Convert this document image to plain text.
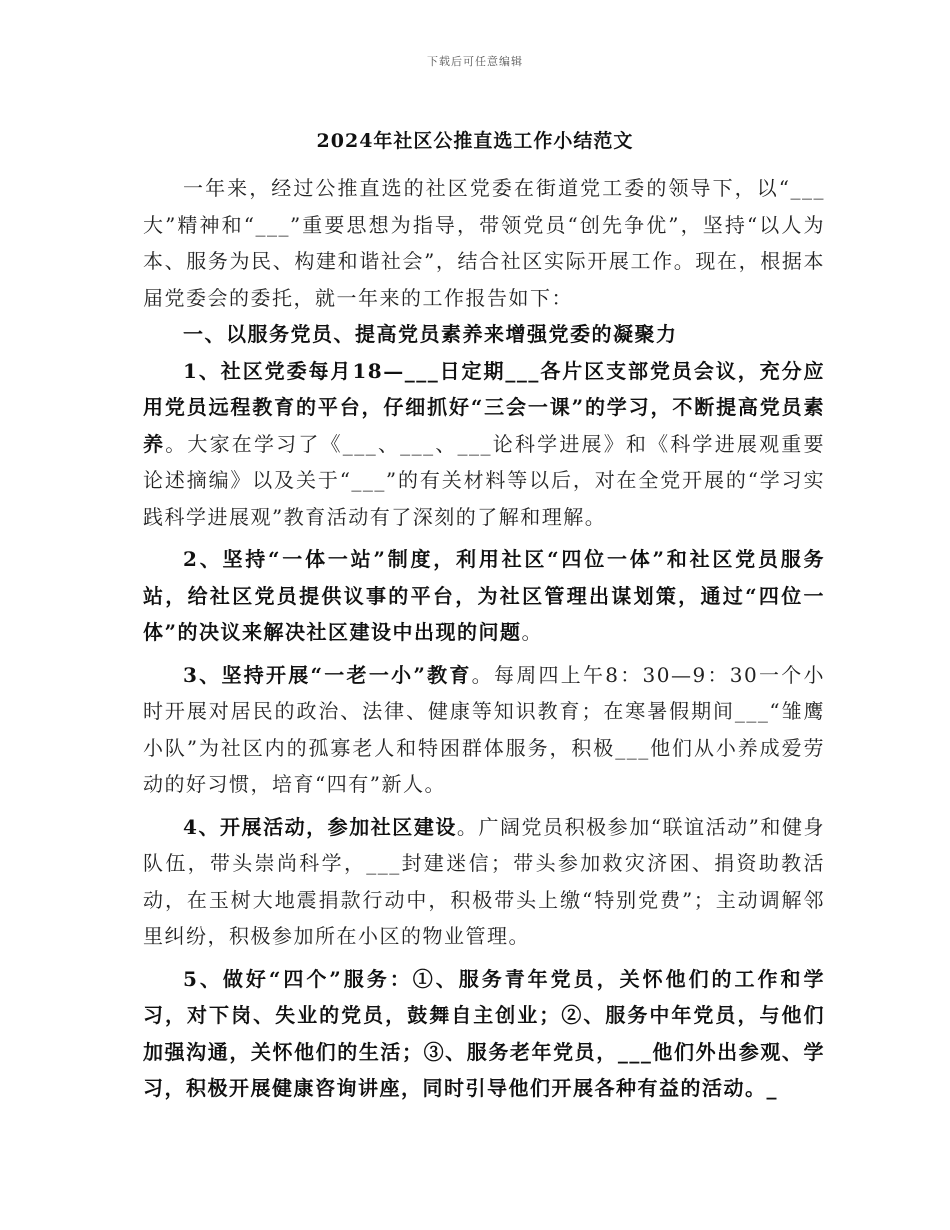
下载后可任意编辑
2024年社区公推直选工作小结范文

一年来，经过公推直选的社区党委在街道党工委的领导下，以“___大”精神和“___”重要思想为指导，带领党员“创先争优”，坚持“以人为本、服务为民、构建和谐社会”，结合社区实际开展工作。现在，根据本届党委会的委托，就一年来的工作报告如下：

一、以服务党员、提高党员素养来增强党委的凝聚力

1、社区党委每月18—___日定期___各片区支部党员会议，充分应用党员远程教育的平台，仔细抓好“三会一课”的学习，不断提高党员素养。大家在学习了《___、___、___论科学进展》和《科学进展观重要论述摘编》以及关于“___”的有关材料等以后，对在全党开展的“学习实践科学进展观”教育活动有了深刻的了解和理解。

2、坚持“一体一站”制度，利用社区“四位一体”和社区党员服务站，给社区党员提供议事的平台，为社区管理出谋划策，通过“四位一体”的决议来解决社区建设中出现的问题。

3、坚持开展“一老一小”教育。每周四上午8：30—9：30一个小时开展对居民的政治、法律、健康等知识教育；在寒暑假期间___“雏鹰小队”为社区内的孤寡老人和特困群体服务，积极___他们从小养成爱劳动的好习惯，培育“四有”新人。

4、开展活动，参加社区建设。广阔党员积极参加“联谊活动”和健身队伍，带头崇尚科学，___封建迷信；带头参加救灾济困、捐资助教活动，在玉树大地震捐款行动中，积极带头上缴“特别党费”；主动调解邻里纠纷，积极参加所在小区的物业管理。

5、做好“四个”服务：①、服务青年党员，关怀他们的工作和学习，对下岗、失业的党员，鼓舞自主创业；②、服务中年党员，与他们加强沟通，关怀他们的生活；③、服务老年党员，___他们外出参观、学习，积极开展健康咨询讲座，同时引导他们开展各种有益的活动。_
